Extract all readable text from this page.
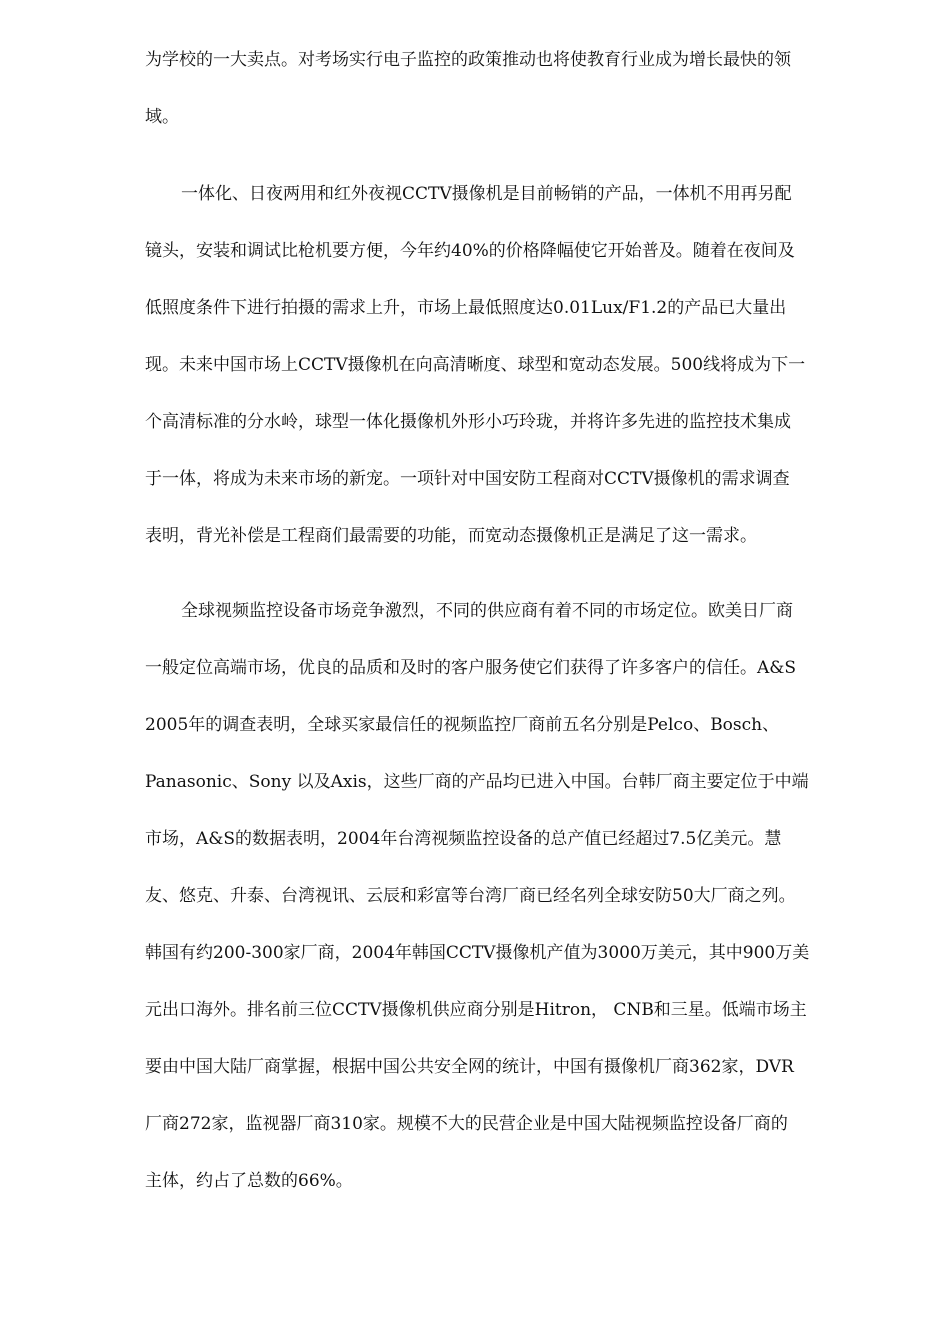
为学校的一大卖点。对考场实行电子监控的政策推动也将使教育行业成为增长最快的领
域。
一体化、日夜两用和红外夜视CCTV摄像机是目前畅销的产品，一体机不用再另配
镜头，安装和调试比枪机要方便，今年约40%的价格降幅使它开始普及。随着在夜间及
低照度条件下进行拍摄的需求上升，市场上最低照度达0.01Lux/F1.2的产品已大量出
现。未来中国市场上CCTV摄像机在向高清晰度、球型和宽动态发展。500线将成为下一
个高清标准的分水岭，球型一体化摄像机外形小巧玲珑，并将许多先进的监控技术集成
于一体，将成为未来市场的新宠。一项针对中国安防工程商对CCTV摄像机的需求调查
表明，背光补偿是工程商们最需要的功能，而宽动态摄像机正是满足了这一需求。
全球视频监控设备市场竞争激烈，不同的供应商有着不同的市场定位。欧美日厂商
一般定位高端市场，优良的品质和及时的客户服务使它们获得了许多客户的信任。A&S
2005年的调查表明，全球买家最信任的视频监控厂商前五名分别是Pelco、Bosch、
Panasonic、Sony 以及Axis，这些厂商的产品均已进入中国。台韩厂商主要定位于中端
市场，A&S的数据表明，2004年台湾视频监控设备的总产值已经超过7.5亿美元。慧
友、悠克、升泰、台湾视讯、云辰和彩富等台湾厂商已经名列全球安防50大厂商之列。
韩国有约200-300家厂商，2004年韩国CCTV摄像机产值为3000万美元，其中900万美
元出口海外。排名前三位CCTV摄像机供应商分别是Hitron， CNB和三星。低端市场主
要由中国大陆厂商掌握，根据中国公共安全网的统计，中国有摄像机厂商362家，DVR
厂商272家，监视器厂商310家。规模不大的民营企业是中国大陆视频监控设备厂商的
主体，约占了总数的66%。
